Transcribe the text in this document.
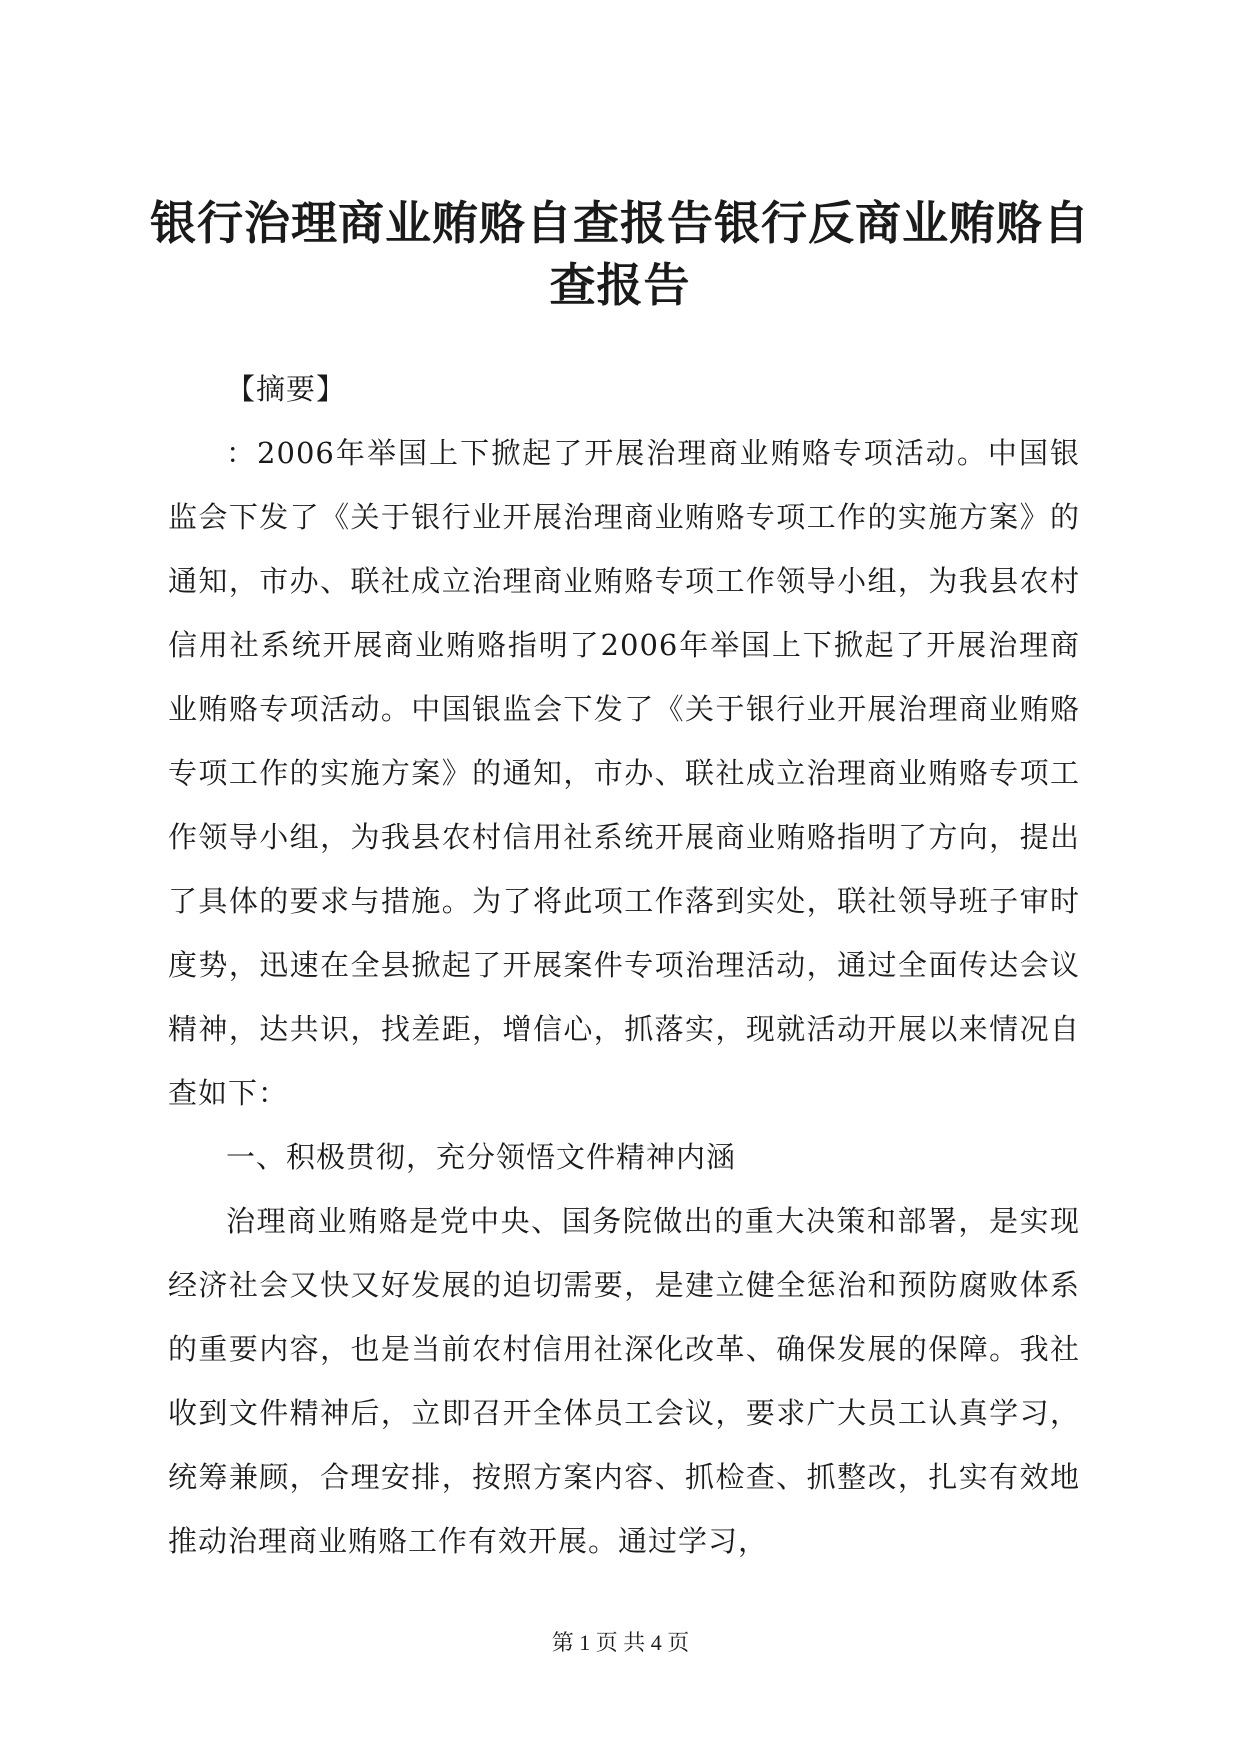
银行治理商业贿赂自查报告银行反商业贿赂自查报告

【摘要】

：2006年举国上下掀起了开展治理商业贿赂专项活动。中国银监会下发了《关于银行业开展治理商业贿赂专项工作的实施方案》的通知，市办、联社成立治理商业贿赂专项工作领导小组，为我县农村信用社系统开展商业贿赂指明了2006年举国上下掀起了开展治理商业贿赂专项活动。中国银监会下发了《关于银行业开展治理商业贿赂专项工作的实施方案》的通知，市办、联社成立治理商业贿赂专项工作领导小组，为我县农村信用社系统开展商业贿赂指明了方向，提出了具体的要求与措施。为了将此项工作落到实处，联社领导班子审时度势，迅速在全县掀起了开展案件专项治理活动，通过全面传达会议精神，达共识，找差距，增信心，抓落实，现就活动开展以来情况自查如下：

一、积极贯彻，充分领悟文件精神内涵

治理商业贿赂是党中央、国务院做出的重大决策和部署，是实现经济社会又快又好发展的迫切需要，是建立健全惩治和预防腐败体系的重要内容，也是当前农村信用社深化改革、确保发展的保障。我社收到文件精神后，立即召开全体员工会议，要求广大员工认真学习，统筹兼顾，合理安排，按照方案内容、抓检查、抓整改，扎实有效地推动治理商业贿赂工作有效开展。通过学习，

第 1 页 共 4 页
